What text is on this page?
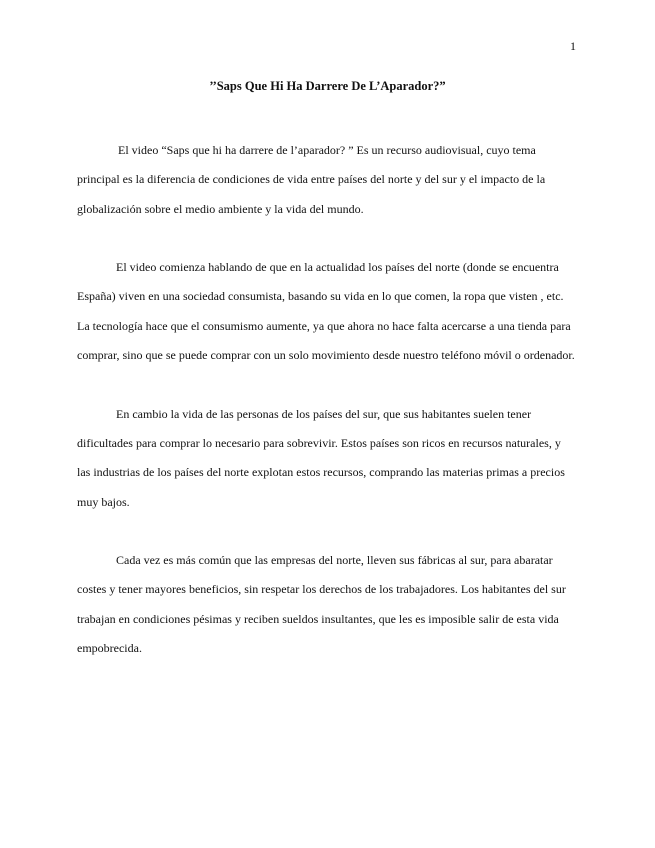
1
’’Saps Que Hi Ha Darrere De L’Aparador?”

El video “Saps que hi ha darrere de l’aparador? ” Es un recurso audiovisual, cuyo tema principal es la diferencia de condiciones de vida entre países del norte y del sur y el impacto de la globalización sobre el medio ambiente y la vida del mundo.

El video comienza hablando de que en la actualidad los países del norte (donde se encuentra España) viven en una sociedad consumista, basando su vida en lo que comen, la ropa que visten , etc. La tecnología hace que el consumismo aumente, ya que ahora no hace falta acercarse a una tienda para comprar, sino que se puede comprar con un solo movimiento desde nuestro teléfono móvil o ordenador.

En cambio la vida de las personas de los países del sur, que sus habitantes suelen tener dificultades para comprar lo necesario para sobrevivir. Estos países son ricos en recursos naturales, y las industrias de los países del norte explotan estos recursos, comprando las materias primas a precios muy bajos.

Cada vez es más común que las empresas del norte, lleven sus fábricas al sur, para abaratar costes y tener mayores beneficios, sin respetar los derechos de los trabajadores. Los habitantes del sur trabajan en condiciones pésimas y reciben sueldos insultantes, que les es imposible salir de esta vida empobrecida.
